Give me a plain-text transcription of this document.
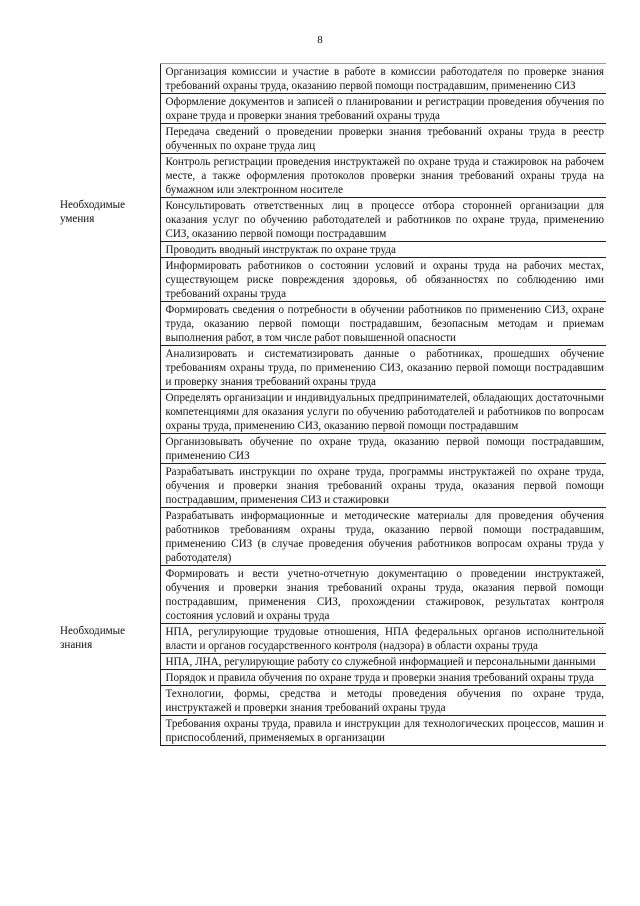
8
	Организация комиссии и участие в работе в комиссии работодателя по проверке знания требований охраны труда, оказанию первой помощи пострадавшим, применению СИЗ
	Оформление документов и записей о планировании и регистрации проведения обучения по охране труда и проверки знания требований охраны труда
	Передача сведений о проведении проверки знания требований охраны труда в реестр обученных по охране труда лиц
	Контроль регистрации проведения инструктажей по охране труда и стажировок на рабочем месте, а также оформления протоколов проверки знания требований охраны труда на бумажном или электронном носителе

Необходимые умения	Консультировать ответственных лиц в процессе отбора сторонней организации для оказания услуг по обучению работодателей и работников по охране труда, применению СИЗ, оказанию первой помощи пострадавшим
	Проводить вводный инструктаж по охране труда
	Информировать работников о состоянии условий и охраны труда на рабочих местах, существующем риске повреждения здоровья, об обязанностях по соблюдению ими требований охраны труда
	Формировать сведения о потребности в обучении работников по применению СИЗ, охране труда, оказанию первой помощи пострадавшим, безопасным методам и приемам выполнения работ, в том числе работ повышенной опасности
	Анализировать и систематизировать данные о работниках, прошедших обучение требованиям охраны труда, по применению СИЗ, оказанию первой помощи пострадавшим и проверку знания требований охраны труда
	Определять организации и индивидуальных предпринимателей, обладающих достаточными компетенциями для оказания услуги по обучению работодателей и работников по вопросам охраны труда, применению СИЗ, оказанию первой помощи пострадавшим
	Организовывать обучение по охране труда, оказанию первой помощи пострадавшим, применению СИЗ
	Разрабатывать инструкции по охране труда, программы инструктажей по охране труда, обучения и проверки знания требований охраны труда, оказания первой помощи пострадавшим, применения СИЗ и стажировки
	Разрабатывать информационные и методические материалы для проведения обучения работников требованиям охраны труда, оказанию первой помощи пострадавшим, применению СИЗ (в случае проведения обучения работников вопросам охраны труда у работодателя)
	Формировать и вести учетно-отчетную документацию о проведении инструктажей, обучения и проверки знания требований охраны труда, оказания первой помощи пострадавшим, применения СИЗ, прохождении стажировок, результатах контроля состояния условий и охраны труда

Необходимые знания	НПА, регулирующие трудовые отношения, НПА федеральных органов исполнительной власти и органов государственного контроля (надзора) в области охраны труда
	НПА, ЛНА, регулирующие работу со служебной информацией и персональными данными
	Порядок и правила обучения по охране труда и проверки знания требований охраны труда
	Технологии, формы, средства и методы проведения обучения по охране труда, инструктажей и проверки знания требований охраны труда
	Требования охраны труда, правила и инструкции для технологических процессов, машин и приспособлений, применяемых в организации
